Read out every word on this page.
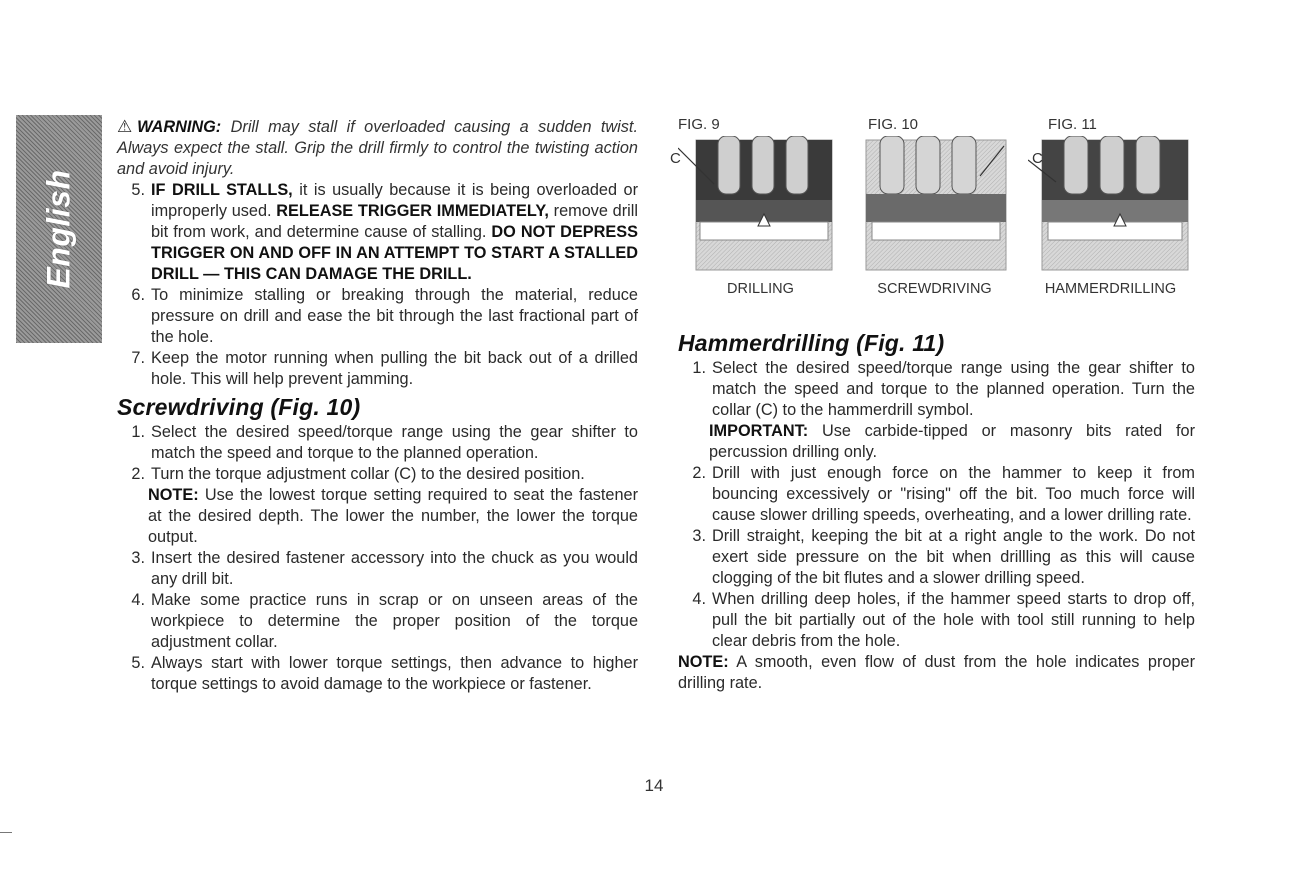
English

⚠WARNING: Drill may stall if overloaded causing a sudden twist. Always expect the stall. Grip the drill firmly to control the twisting action and avoid injury.

5. IF DRILL STALLS, it is usually because it is being overloaded or improperly used. RELEASE TRIGGER IMMEDIATELY, remove drill bit from work, and determine cause of stalling. DO NOT DEPRESS TRIGGER ON AND OFF IN AN ATTEMPT TO START A STALLED DRILL — THIS CAN DAMAGE THE DRILL.
6. To minimize stalling or breaking through the material, reduce pressure on drill and ease the bit through the last fractional part of the hole.
7. Keep the motor running when pulling the bit back out of a drilled hole. This will help prevent jamming.
Screwdriving (Fig. 10)
1. Select the desired speed/torque range using the gear shifter to match the speed and torque to the planned operation.
2. Turn the torque adjustment collar (C) to the desired position.

NOTE: Use the lowest torque setting required to seat the fastener at the desired depth. The lower the number, the lower the torque output.

3. Insert the desired fastener accessory into the chuck as you would any drill bit.
4. Make some practice runs in scrap or on unseen areas of the workpiece to determine the proper position of the torque adjustment collar.
5. Always start with lower torque settings, then advance to higher torque settings to avoid damage to the workpiece or fastener.
FIG. 9
C
DRILLING
FIG. 10
SCREWDRIVING
FIG. 11
C
HAMMERDRILLING
Hammerdrilling (Fig. 11)
1. Select the desired speed/torque range using the gear shifter to match the speed and torque to the planned operation. Turn the collar (C) to the hammerdrill symbol.

IMPORTANT: Use carbide-tipped or masonry bits rated for percussion drilling only.

2. Drill with just enough force on the hammer to keep it from bouncing excessively or "rising" off the bit. Too much force will cause slower drilling speeds, overheating, and a lower drilling rate.
3. Drill straight, keeping the bit at a right angle to the work. Do not exert side pressure on the bit when drillling as this will cause clogging of the bit flutes and a slower drilling speed.
4. When drilling deep holes, if the hammer speed starts to drop off, pull the bit partially out of the hole with tool still running to help clear debris from the hole.

NOTE: A smooth, even flow of dust from the hole indicates proper drilling rate.

14
